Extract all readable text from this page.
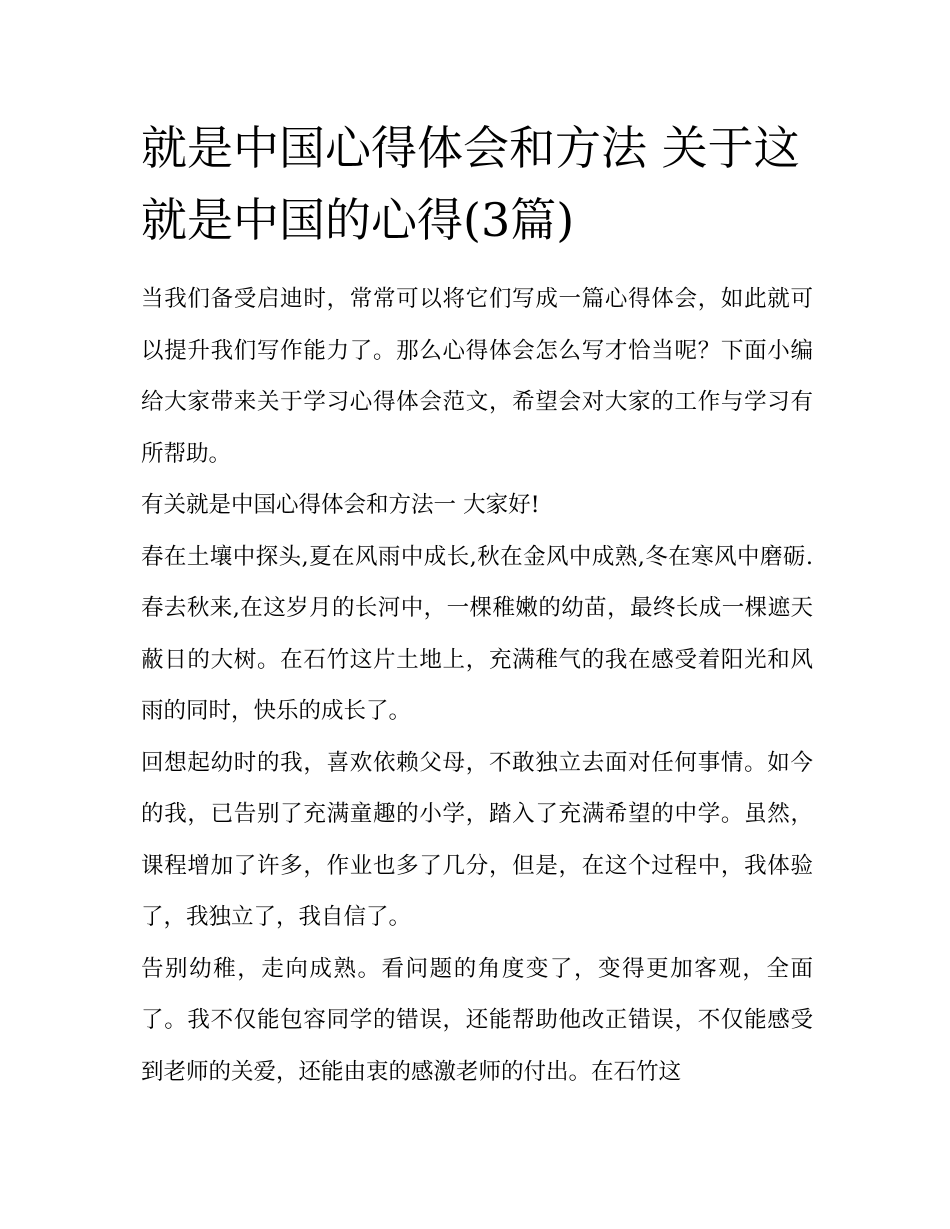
就是中国心得体会和方法 关于这就是中国的心得(3篇)

当我们备受启迪时，常常可以将它们写成一篇心得体会，如此就可以提升我们写作能力了。那么心得体会怎么写才恰当呢？下面小编给大家带来关于学习心得体会范文，希望会对大家的工作与学习有所帮助。

有关就是中国心得体会和方法一 大家好!

春在土壤中探头,夏在风雨中成长,秋在金风中成熟,冬在寒风中磨砺.春去秋来,在这岁月的长河中，一棵稚嫩的幼苗，最终长成一棵遮天蔽日的大树。在石竹这片土地上，充满稚气的我在感受着阳光和风雨的同时，快乐的成长了。

回想起幼时的我，喜欢依赖父母，不敢独立去面对任何事情。如今的我，已告别了充满童趣的小学，踏入了充满希望的中学。虽然，课程增加了许多，作业也多了几分，但是，在这个过程中，我体验了，我独立了，我自信了。

告别幼稚，走向成熟。看问题的角度变了，变得更加客观，全面了。我不仅能包容同学的错误，还能帮助他改正错误，不仅能感受到老师的关爱，还能由衷的感激老师的付出。在石竹这
